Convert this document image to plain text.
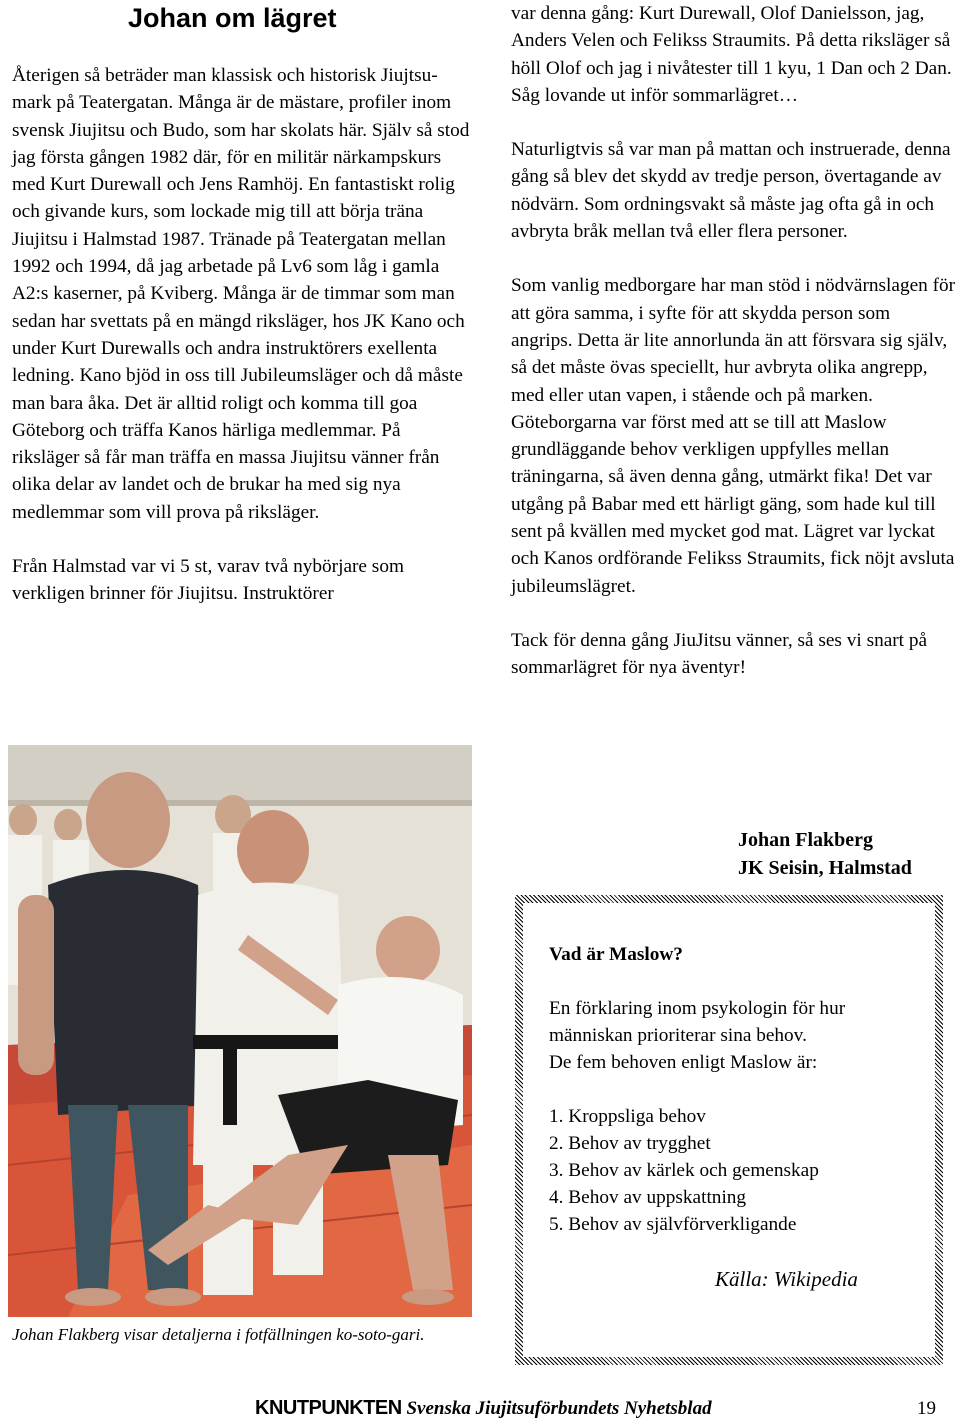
Johan om lägret

Återigen så beträder man klassisk och historisk Jiujtsu-mark på Teatergatan. Många är de mästare, profiler inom svensk Jiujitsu och Budo, som har skolats här. Själv så stod jag första gången 1982 där, för en militär närkampskurs med Kurt Durewall och Jens Ramhöj. En fantastiskt rolig och givande kurs, som lockade mig till att börja träna Jiujitsu i Halmstad 1987. Tränade på Teatergatan mellan 1992 och 1994, då jag arbetade på Lv6 som låg i gamla A2:s kaserner, på Kviberg. Många är de timmar som man sedan har svettats på en mängd riksläger, hos JK Kano och under Kurt Durewalls och andra instruktörers exellenta ledning. Kano bjöd in oss till Jubileumsläger och då måste man bara åka. Det är alltid roligt och komma till goa Göteborg och träffa Kanos härliga medlemmar. På riksläger så får man träffa en massa Jiujitsu vänner från olika delar av landet och de brukar ha med sig nya medlemmar som vill prova på riksläger.

Från Halmstad var vi 5 st, varav två nybörjare som verkligen brinner för Jiujitsu. Instruktörer

Johan Flakberg visar detaljerna i fotfällningen ko-soto-gari.

var denna gång: Kurt Durewall, Olof Danielsson, jag, Anders Velen och Felikss Straumits. På detta riksläger så höll Olof och jag i nivåtester till 1 kyu, 1 Dan och 2 Dan. Såg lovande ut inför sommarlägret…

Naturligtvis så var man på mattan och instruerade, denna gång så blev det skydd av tredje person, övertagande av nödvärn. Som ordningsvakt så måste jag ofta gå in och avbryta bråk mellan två eller flera personer.

Som vanlig medborgare har man stöd i nödvärnslagen för att göra samma, i syfte för att skydda person som angrips. Detta är lite annorlunda än att försvara sig själv, så det måste övas speciellt, hur avbryta olika angrepp, med eller utan vapen, i stående och på marken. Göteborgarna var först med att se till att Maslow grundläggande behov verkligen uppfylles mellan träningarna, så även denna gång, utmärkt fika! Det var utgång på Babar med ett härligt gäng, som hade kul till sent på kvällen med mycket god mat. Lägret var lyckat och Kanos ordförande Felikss Straumits, fick nöjt avsluta jubileumslägret.

Tack för denna gång JiuJitsu vänner, så ses vi snart på sommarlägret för nya äventyr!

Johan Flakberg
JK Seisin, Halmstad

Vad är Maslow?

En förklaring inom psykologin för hur människan prioriterar sina behov.

De fem behoven enligt Maslow är:

1. Kroppsliga behov
2. Behov av trygghet
3. Behov av kärlek och gemenskap
4. Behov av uppskattning
5. Behov av självförverkligande
Källa: Wikipedia
KNUTPUNKTEN Svenska Jiujitsuförbundets Nyhetsblad	19
